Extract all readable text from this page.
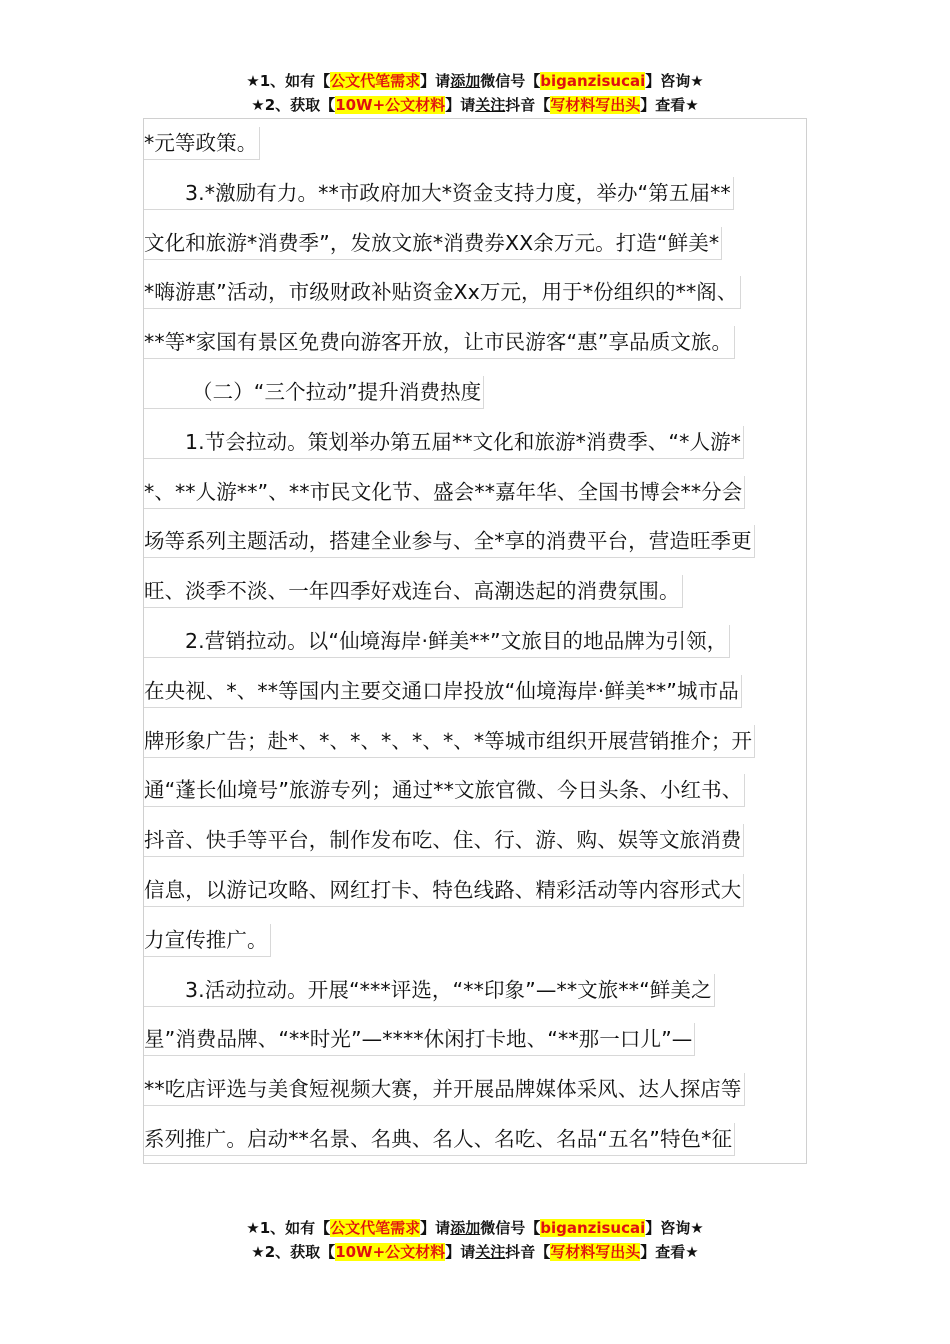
★1、如有【公文代笔需求】请添加微信号【biganzisucai】咨询★
★2、获取【10W+公文材料】请关注抖音【写材料写出头】查看★
*元等政策。
3.*激励有力。**市政府加大*资金支持力度，举办“第五届**
文化和旅游*消费季”，发放文旅*消费券XX余万元。打造“鲜美*
*嗨游惠”活动，市级财政补贴资金Xx万元，用于*份组织的**阁、
**等*家国有景区免费向游客开放，让市民游客“惠”享品质文旅。
（二）“三个拉动”提升消费热度
1.节会拉动。策划举办第五届**文化和旅游*消费季、“*人游*
*、**人游**”、**市民文化节、盛会**嘉年华、全国书博会**分会
场等系列主题活动，搭建全业参与、全*享的消费平台，营造旺季更
旺、淡季不淡、一年四季好戏连台、高潮迭起的消费氛围。
2.营销拉动。以“仙境海岸·鲜美**”文旅目的地品牌为引领，
在央视、*、**等国内主要交通口岸投放“仙境海岸·鲜美**”城市品
牌形象广告；赴*、*、*、*、*、*、*等城市组织开展营销推介；开
通“蓬长仙境号”旅游专列；通过**文旅官微、今日头条、小红书、
抖音、快手等平台，制作发布吃、住、行、游、购、娱等文旅消费
信息，以游记攻略、网红打卡、特色线路、精彩活动等内容形式大
力宣传推广。
3.活动拉动。开展“***评选，“**印象”—**文旅**“鲜美之
星”消费品牌、“**时光”—****休闲打卡地、“**那一口儿”—
**吃店评选与美食短视频大赛，并开展品牌媒体采风、达人探店等
系列推广。启动**名景、名典、名人、名吃、名品“五名”特色*征
★1、如有【公文代笔需求】请添加微信号【biganzisucai】咨询★
★2、获取【10W+公文材料】请关注抖音【写材料写出头】查看★
